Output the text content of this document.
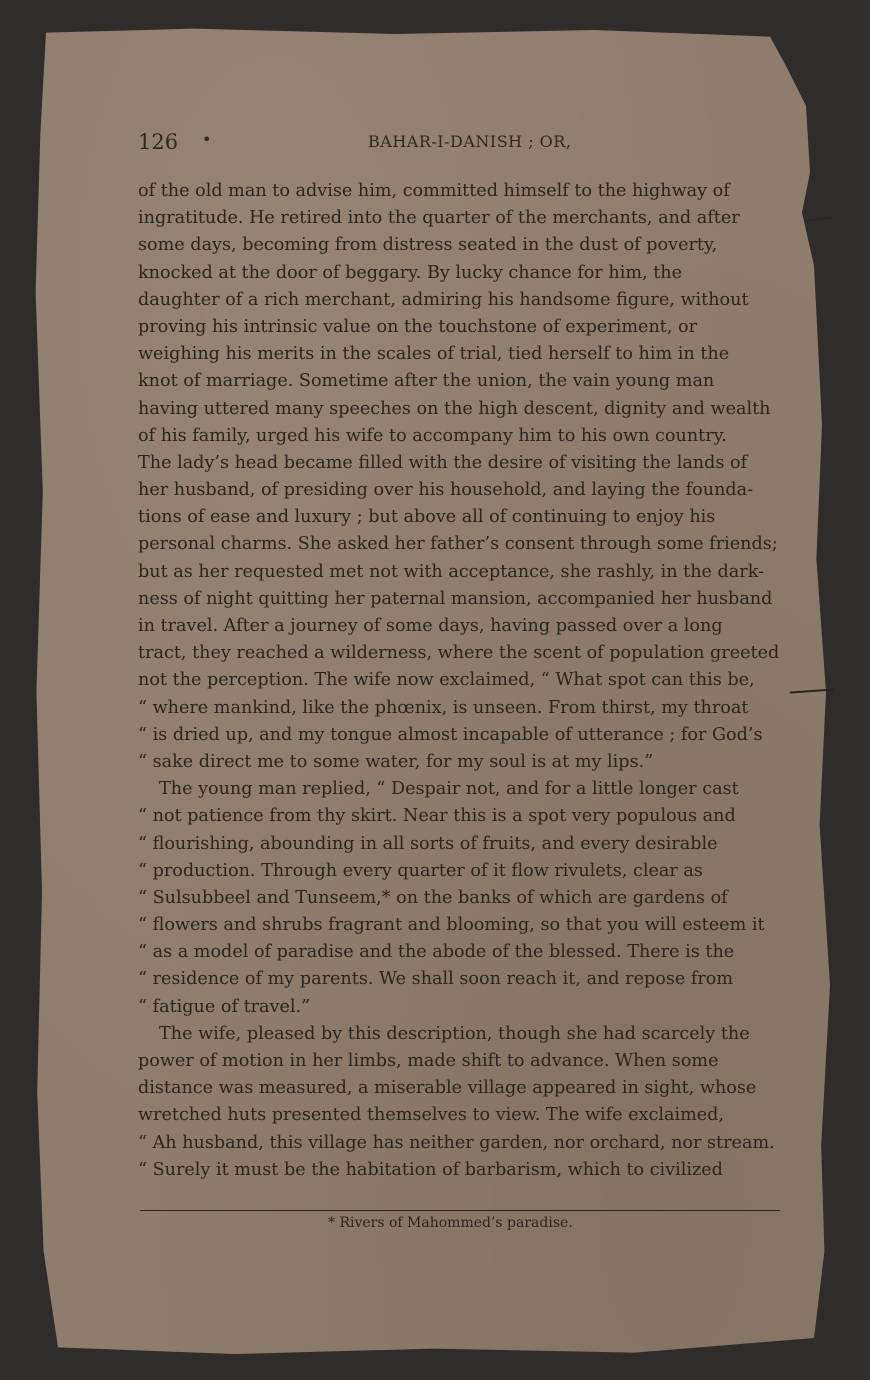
126 •	BAHAR-I-DANISH ; OR,
of the old man to advise him, committed himself to the highway of
ingratitude. He retired into the quarter of the merchants, and after
some days, becoming from distress seated in the dust of poverty,
knocked at the door of beggary. By lucky chance for him, the
daughter of a rich merchant, admiring his handsome figure, without
proving his intrinsic value on the touchstone of experiment, or
weighing his merits in the scales of trial, tied herself to him in the
knot of marriage. Sometime after the union, the vain young man
having uttered many speeches on the high descent, dignity and wealth
of his family, urged his wife to accompany him to his own country.
The lady’s head became filled with the desire of visiting the lands of
her husband, of presiding over his household, and laying the founda-
tions of ease and luxury ; but above all of continuing to enjoy his
personal charms. She asked her father’s consent through some friends;
but as her requested met not with acceptance, she rashly, in the dark-
ness of night quitting her paternal mansion, accompanied her husband
in travel. After a journey of some days, having passed over a long
tract, they reached a wilderness, where the scent of population greeted
not the perception. The wife now exclaimed, “ What spot can this be,
“ where mankind, like the phœnix, is unseen. From thirst, my throat
“ is dried up, and my tongue almost incapable of utterance ; for God’s
“ sake direct me to some water, for my soul is at my lips.”
The young man replied, “ Despair not, and for a little longer cast
“ not patience from thy skirt. Near this is a spot very populous and
“ flourishing, abounding in all sorts of fruits, and every desirable
“ production. Through every quarter of it flow rivulets, clear as
“ Sulsubbeel and Tunseem,* on the banks of which are gardens of
“ flowers and shrubs fragrant and blooming, so that you will esteem it
“ as a model of paradise and the abode of the blessed. There is the
“ residence of my parents. We shall soon reach it, and repose from
“ fatigue of travel.”
The wife, pleased by this description, though she had scarcely the
power of motion in her limbs, made shift to advance. When some
distance was measured, a miserable village appeared in sight, whose
wretched huts presented themselves to view. The wife exclaimed,
“ Ah husband, this village has neither garden, nor orchard, nor stream.
“ Surely it must be the habitation of barbarism, which to civilized
* Rivers of Mahommed’s paradise.
